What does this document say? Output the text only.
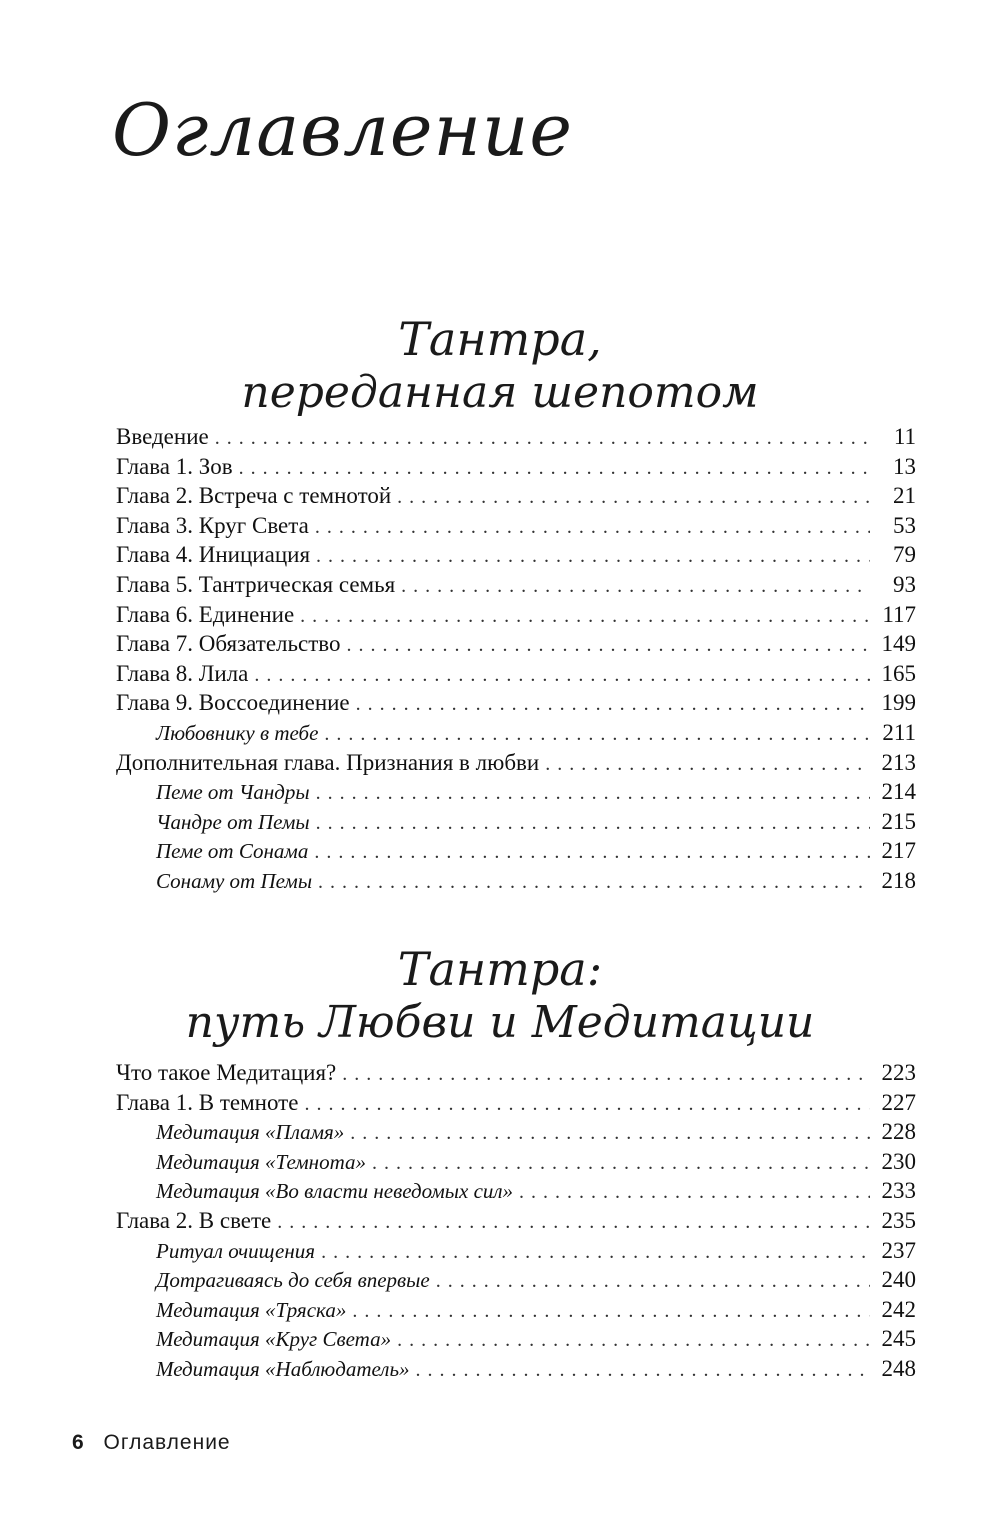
Оглавление
Тантра,
переданная шепотом
Введение . . .	11
Глава 1. Зов . . .	13
Глава 2. Встреча с темнотой . . .	21
Глава 3. Круг Света . . .	53
Глава 4. Инициация . . .	79
Глава 5. Тантрическая семья . . .	93
Глава 6. Единение . . .	117
Глава 7. Обязательство . . .	149
Глава 8. Лила . . .	165
Глава 9. Воссоединение . . .	199
Любовнику в тебе . . .	211
Дополнительная глава. Признания в любви . . .	213
Пеме от Чандры . . .	214
Чандре от Пемы . . .	215
Пеме от Сонама . . .	217
Сонаму от Пемы . . .	218
Тантра:
путь Любви и Медитации
Что такое Медитация? . . .	223
Глава 1. В темноте . . .	227
Медитация «Пламя» . . .	228
Медитация «Темнота» . . .	230
Медитация «Во власти неведомых сил» . . .	233
Глава 2. В свете . . .	235
Ритуал очищения . . .	237
Дотрагиваясь до себя впервые . . .	240
Медитация «Тряска» . . .	242
Медитация «Круг Света» . . .	245
Медитация «Наблюдатель» . . .	248
6 Оглавление
